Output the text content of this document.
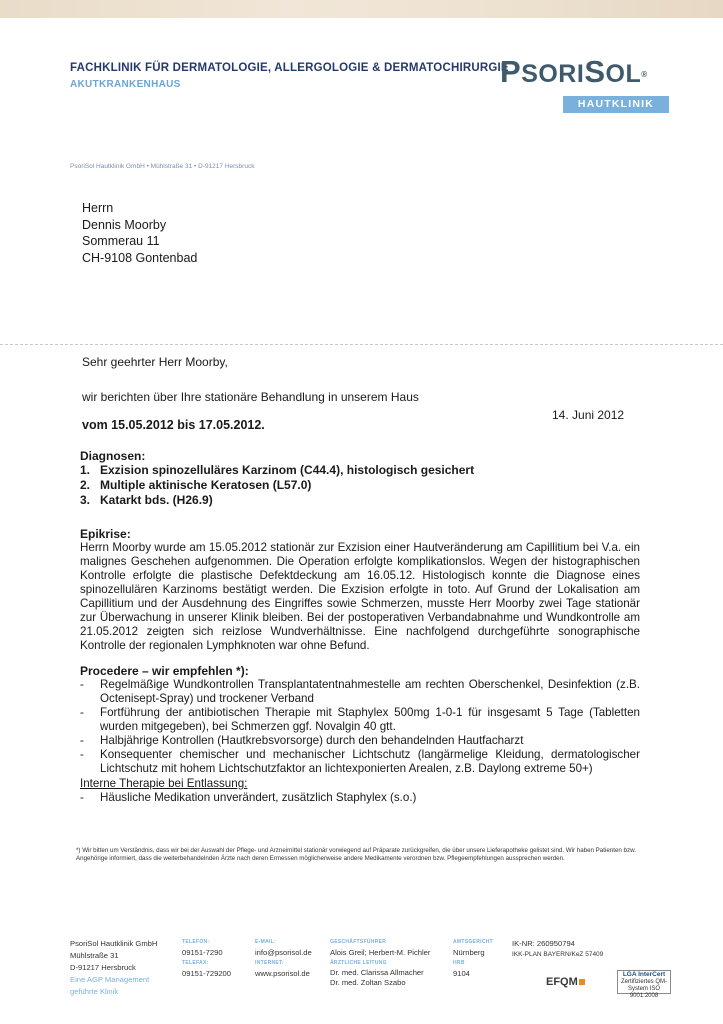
FACHKLINIK FÜR DERMATOLOGIE, ALLERGOLOGIE & DERMATOCHIRURGIE
AKUTKRANKENHAUS	PSORISOL®
HAUTKLINIK
PsoriSol Hautklinik GmbH • Mühlstraße 31 • D-91217 Hersbruck
Herrn
Dennis Moorby
Sommerau 11
CH-9108 Gontenbad
Sehr geehrter Herr Moorby,
wir berichten über Ihre stationäre Behandlung in unserem Haus
14. Juni 2012
vom 15.05.2012 bis 17.05.2012.
Diagnosen:
1. Exzision spinozelluläres Karzinom (C44.4), histologisch gesichert
2. Multiple aktinische Keratosen (L57.0)
3. Katarkt bds. (H26.9)
Epikrise:

Herrn Moorby wurde am 15.05.2012 stationär zur Exzision einer Hautveränderung am Capillitium bei V.a. ein malignes Geschehen aufgenommen. Die Operation erfolgte komplikationslos. Wegen der histographischen Kontrolle erfolgte die plastische Defektdeckung am 16.05.12. Histologisch konnte die Diagnose eines spinozellulären Karzinoms bestätigt werden. Die Exzision erfolgte in toto. Auf Grund der Lokalisation am Capillitium und der Ausdehnung des Eingriffes sowie Schmerzen, musste Herr Moorby zwei Tage stationär zur Überwachung in unserer Klinik bleiben. Bei der postoperativen Verbandabnahme und Wundkontrolle am 21.05.2012 zeigten sich reizlose Wundverhältnisse. Eine nachfolgend durchgeführte sonographische Kontrolle der regionalen Lymphknoten war ohne Befund.

Procedere – wir empfehlen *):
- Regelmäßige Wundkontrollen Transplantatentnahmestelle am rechten Oberschenkel, Desinfektion (z.B. Octenisept-Spray) und trockener Verband
- Fortführung der antibiotischen Therapie mit Staphylex 500mg 1-0-1 für insgesamt 5 Tage (Tabletten wurden mitgegeben), bei Schmerzen ggf. Novalgin 40 gtt.
- Halbjährige Kontrollen (Hautkrebsvorsorge) durch den behandelnden Hautfacharzt
- Konsequenter chemischer und mechanischer Lichtschutz (langärmelige Kleidung, dermatologischer Lichtschutz mit hohem Lichtschutzfaktor an lichtexponierten Arealen, z.B. Daylong extreme 50+)
Interne Therapie bei Entlassung:
- Häusliche Medikation unverändert, zusätzlich Staphylex (s.o.)
*) Wir bitten um Verständnis, dass wir bei der Auswahl der Pflege- und Arzneimittel stationär vorwiegend auf Präparate zurückgreifen, die über unsere Lieferapotheke gelistet sind. Wir haben Patienten bzw. Angehörige informiert, dass die weiterbehandelnden Ärzte nach deren Ermessen möglicherweise andere Medikamente verordnen bzw. Pflegeempfehlungen aussprechen werden.
PsoriSol Hautklinik GmbH
Mühlstraße 31
D-91217 Hersbruck
Eine AGP Management
geführte Klinik
TELEFON:
09151-7290
TELEFAX:
09151-729200
E-MAIL:
info@psorisol.de
INTERNET:
www.psorisol.de
GESCHÄFTSFÜHRER
Alois Greil; Herbert-M. Pichler
ÄRZTLICHE LEITUNG
Dr. med. Clarissa Allmacher
Dr. med. Zoltan Szabo
AMTSGERICHT
Nürnberg
HRB
9104
IK-NR: 260950794
IKK-PLAN BAYERN/KeZ 57409
EFQM
LGA InterCert
Zertifiziertes QM-System ISO 9001:2008
